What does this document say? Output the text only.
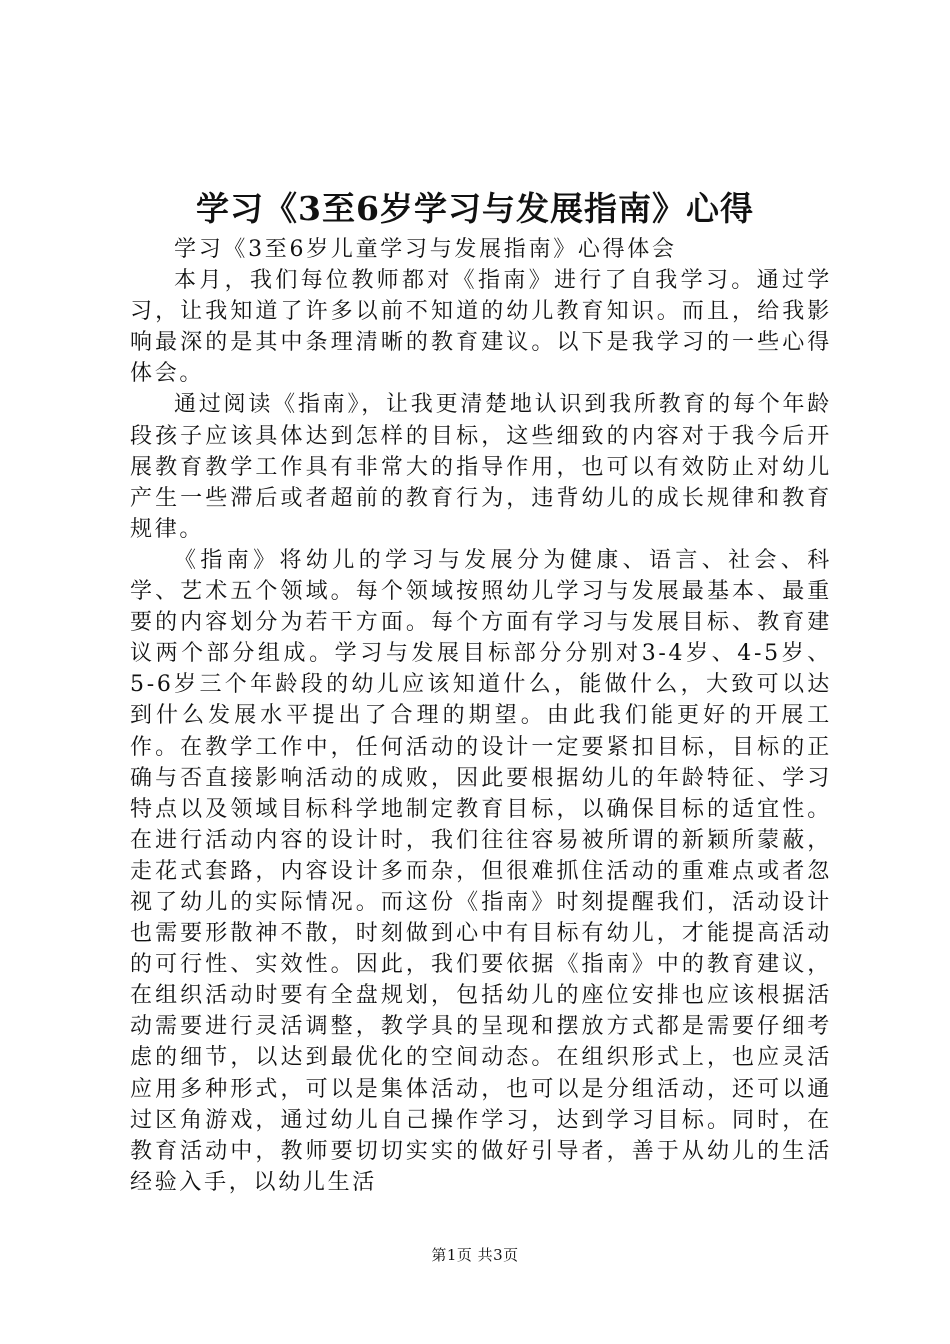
学习《3至6岁学习与发展指南》心得

学习《3至6岁儿童学习与发展指南》心得体会

本月，我们每位教师都对《指南》进行了自我学习。通过学习，让我知道了许多以前不知道的幼儿教育知识。而且，给我影响最深的是其中条理清晰的教育建议。以下是我学习的一些心得体会。

通过阅读《指南》，让我更清楚地认识到我所教育的每个年龄段孩子应该具体达到怎样的目标，这些细致的内容对于我今后开展教育教学工作具有非常大的指导作用，也可以有效防止对幼儿产生一些滞后或者超前的教育行为，违背幼儿的成长规律和教育规律。

《指南》将幼儿的学习与发展分为健康、语言、社会、科学、艺术五个领域。每个领域按照幼儿学习与发展最基本、最重要的内容划分为若干方面。每个方面有学习与发展目标、教育建议两个部分组成。学习与发展目标部分分别对3-4岁、4-5岁、5-6岁三个年龄段的幼儿应该知道什么，能做什么，大致可以达到什么发展水平提出了合理的期望。由此我们能更好的开展工作。在教学工作中，任何活动的设计一定要紧扣目标，目标的正确与否直接影响活动的成败，因此要根据幼儿的年龄特征、学习特点以及领域目标科学地制定教育目标，以确保目标的适宜性。在进行活动内容的设计时，我们往往容易被所谓的新颖所蒙蔽，走花式套路，内容设计多而杂，但很难抓住活动的重难点或者忽视了幼儿的实际情况。而这份《指南》时刻提醒我们，活动设计也需要形散神不散，时刻做到心中有目标有幼儿，才能提高活动的可行性、实效性。因此，我们要依据《指南》中的教育建议，在组织活动时要有全盘规划，包括幼儿的座位安排也应该根据活动需要进行灵活调整，教学具的呈现和摆放方式都是需要仔细考虑的细节，以达到最优化的空间动态。在组织形式上，也应灵活应用多种形式，可以是集体活动，也可以是分组活动，还可以通过区角游戏，通过幼儿自己操作学习，达到学习目标。同时，在教育活动中，教师要切切实实的做好引导者，善于从幼儿的生活经验入手，以幼儿生活

第1页 共3页
